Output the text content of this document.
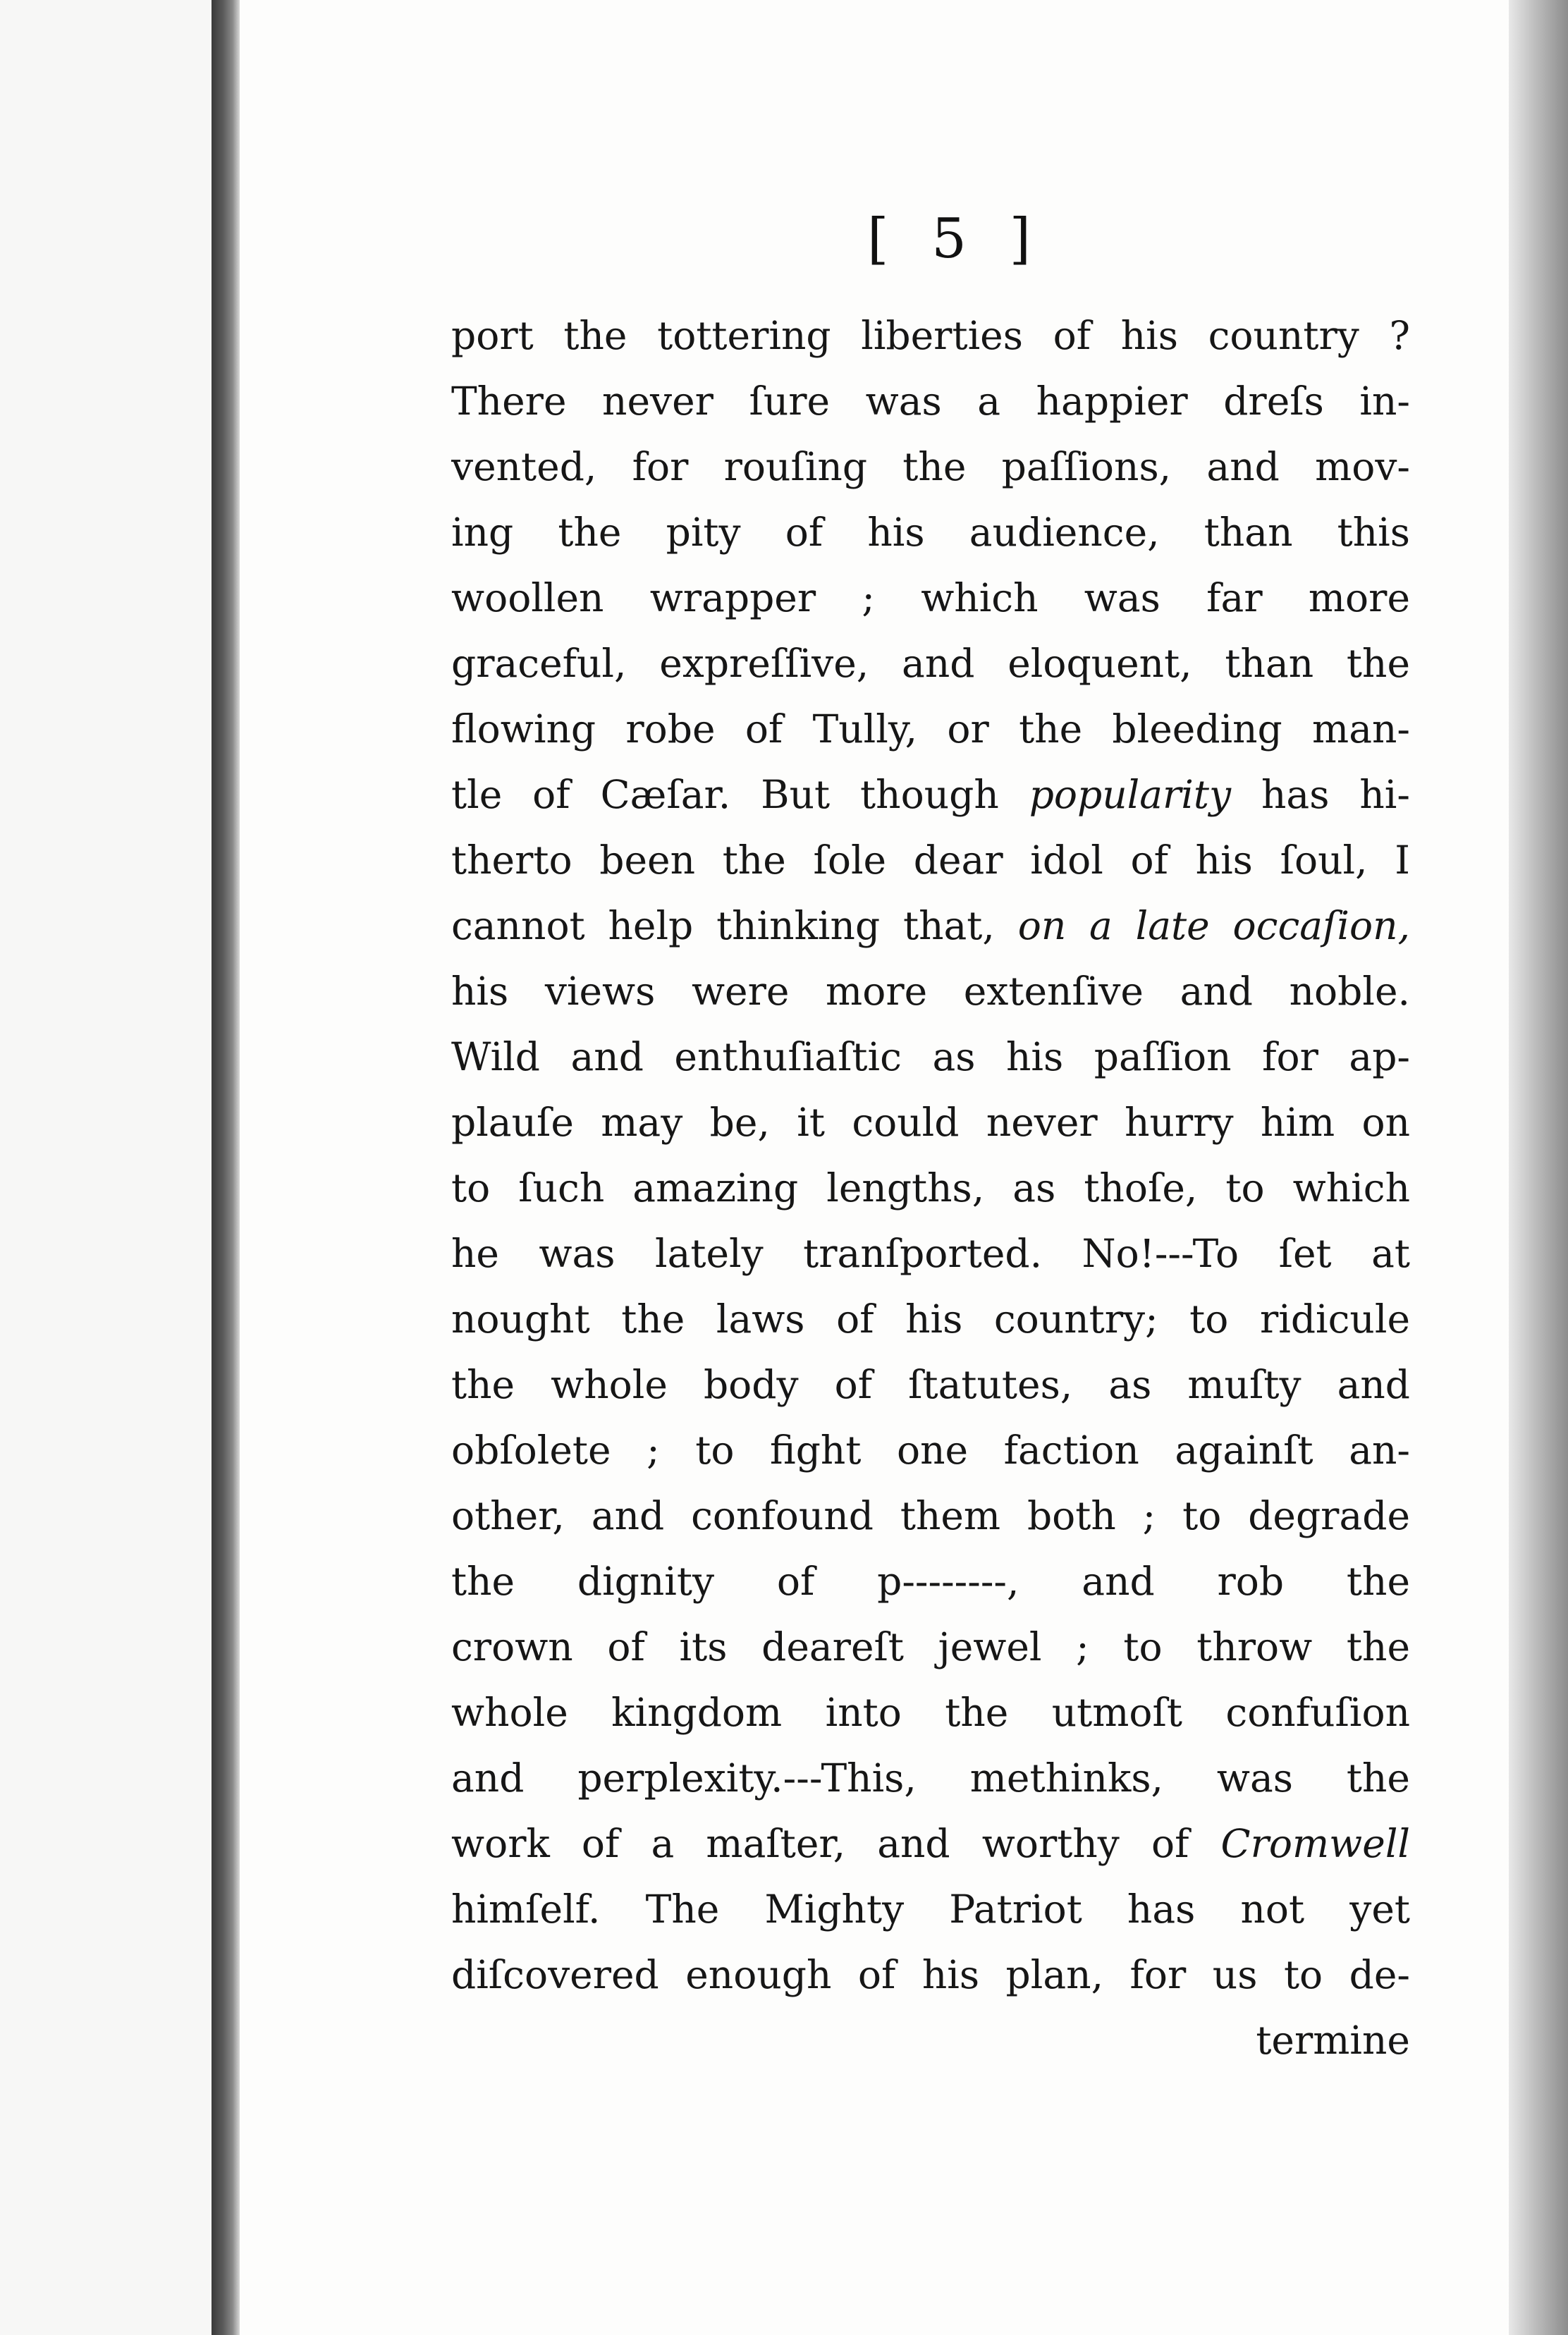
[ 5 ]
port the tottering liberties of his country ?
There never ſure was a happier dreſs in-
vented, for rouſing the paſſions, and mov-
ing the pity of his audience, than this
woollen wrapper ; which was far more
graceful, expreſſive, and eloquent, than the
flowing robe of Tully, or the bleeding man-
tle of Cæſar. But though popularity has hi-
therto been the ſole dear idol of his ſoul, I
cannot help thinking that, on a late occaſion,
his views were more extenſive and noble.
Wild and enthuſiaſtic as his paſſion for ap-
plauſe may be, it could never hurry him on
to ſuch amazing lengths, as thoſe, to which
he was lately tranſported. No!---To ſet at
nought the laws of his country; to ridicule
the whole body of ſtatutes, as muſty and
obſolete ; to fight one faction againſt an-
other, and confound them both ; to degrade
the dignity of p--------, and rob the
crown of its deareſt jewel ; to throw the
whole kingdom into the utmoſt confuſion
and perplexity.---This, methinks, was the
work of a maſter, and worthy of Cromwell
himſelf. The Mighty Patriot has not yet
diſcovered enough of his plan, for us to de-
termine
